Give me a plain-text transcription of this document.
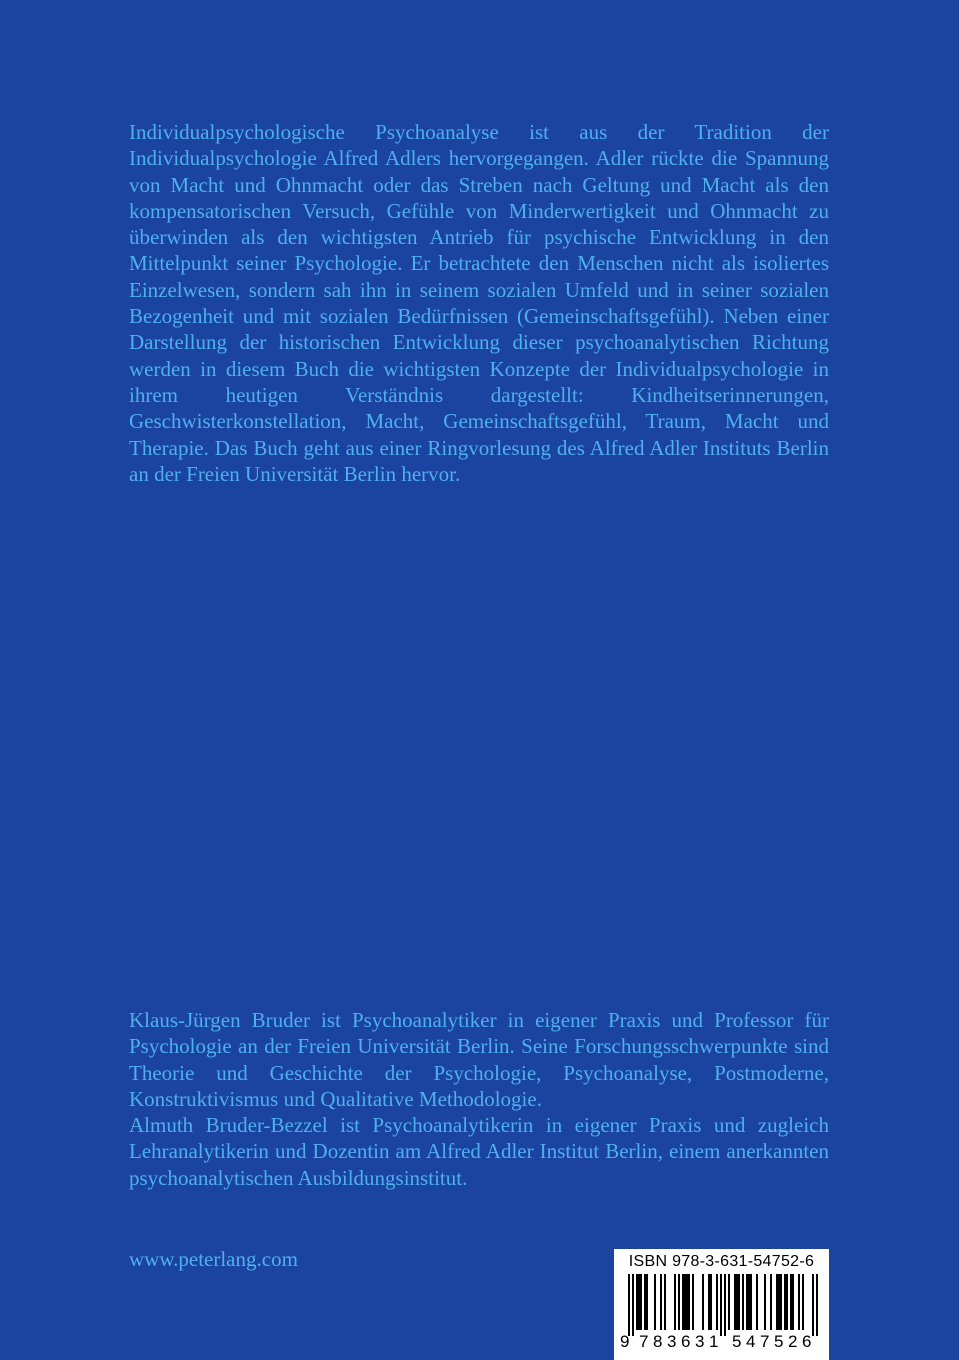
Individualpsychologische Psychoanalyse ist aus der Tradition der Individualpsychologie Alfred Adlers hervorgegangen. Adler rückte die Spannung von Macht und Ohnmacht oder das Streben nach Geltung und Macht als den kompensatorischen Versuch, Gefühle von Minderwertigkeit und Ohnmacht zu überwinden als den wichtigsten Antrieb für psychische Entwicklung in den Mittelpunkt seiner Psychologie. Er betrachtete den Menschen nicht als isoliertes Einzelwesen, sondern sah ihn in seinem sozialen Umfeld und in seiner sozialen Bezogenheit und mit sozialen Bedürfnissen (Gemeinschaftsgefühl). Neben einer Darstellung der historischen Entwicklung dieser psychoanalytischen Richtung werden in diesem Buch die wichtigsten Konzepte der Individualpsychologie in ihrem heutigen Verständnis dargestellt: Kindheitserinnerungen, Geschwisterkonstellation, Macht, Gemeinschaftsgefühl, Traum, Macht und Therapie. Das Buch geht aus einer Ringvorlesung des Alfred Adler Instituts Berlin an der Freien Universität Berlin hervor.

Klaus-Jürgen Bruder ist Psychoanalytiker in eigener Praxis und Professor für Psychologie an der Freien Universität Berlin. Seine Forschungsschwerpunkte sind Theorie und Geschichte der Psychologie, Psychoanalyse, Postmoderne, Konstruktivismus und Qualitative Methodologie.

Almuth Bruder-Bezzel ist Psychoanalytikerin in eigener Praxis und zugleich Lehranalytikerin und Dozentin am Alfred Adler Institut Berlin, einem anerkannten psychoanalytischen Ausbildungsinstitut.

www.peterlang.com	ISBN 978-3-631-54752-6
9 7 8 3 6 3 1 5 4 7 5 2 6
